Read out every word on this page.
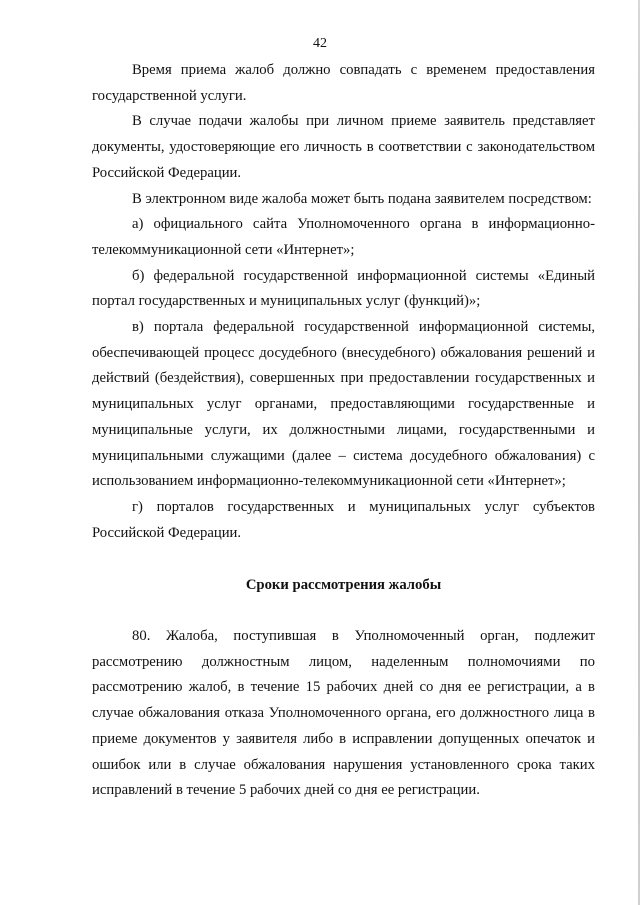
42

Время приема жалоб должно совпадать с временем предоставления государственной услуги.

В случае подачи жалобы при личном приеме заявитель представляет документы, удостоверяющие его личность в соответствии с законодательством Российской Федерации.

В электронном виде жалоба может быть подана заявителем посредством:

а) официального сайта Уполномоченного органа в информационно-телекоммуникационной сети «Интернет»;

б) федеральной государственной информационной системы «Единый портал государственных и муниципальных услуг (функций)»;

в) портала федеральной государственной информационной системы, обеспечивающей процесс досудебного (внесудебного) обжалования решений и действий (бездействия), совершенных при предоставлении государственных и муниципальных услуг органами, предоставляющими государственные и муниципальные услуги, их должностными лицами, государственными и муниципальными служащими (далее – система досудебного обжалования) с использованием информационно-телекоммуникационной сети «Интернет»;

г) порталов государственных и муниципальных услуг субъектов Российской Федерации.

Сроки рассмотрения жалобы

80. Жалоба, поступившая в Уполномоченный орган, подлежит рассмотрению должностным лицом, наделенным полномочиями по рассмотрению жалоб, в течение 15 рабочих дней со дня ее регистрации, а в случае обжалования отказа Уполномоченного органа, его должностного лица в приеме документов у заявителя либо в исправлении допущенных опечаток и ошибок или в случае обжалования нарушения установленного срока таких исправлений в течение 5 рабочих дней со дня ее регистрации.
